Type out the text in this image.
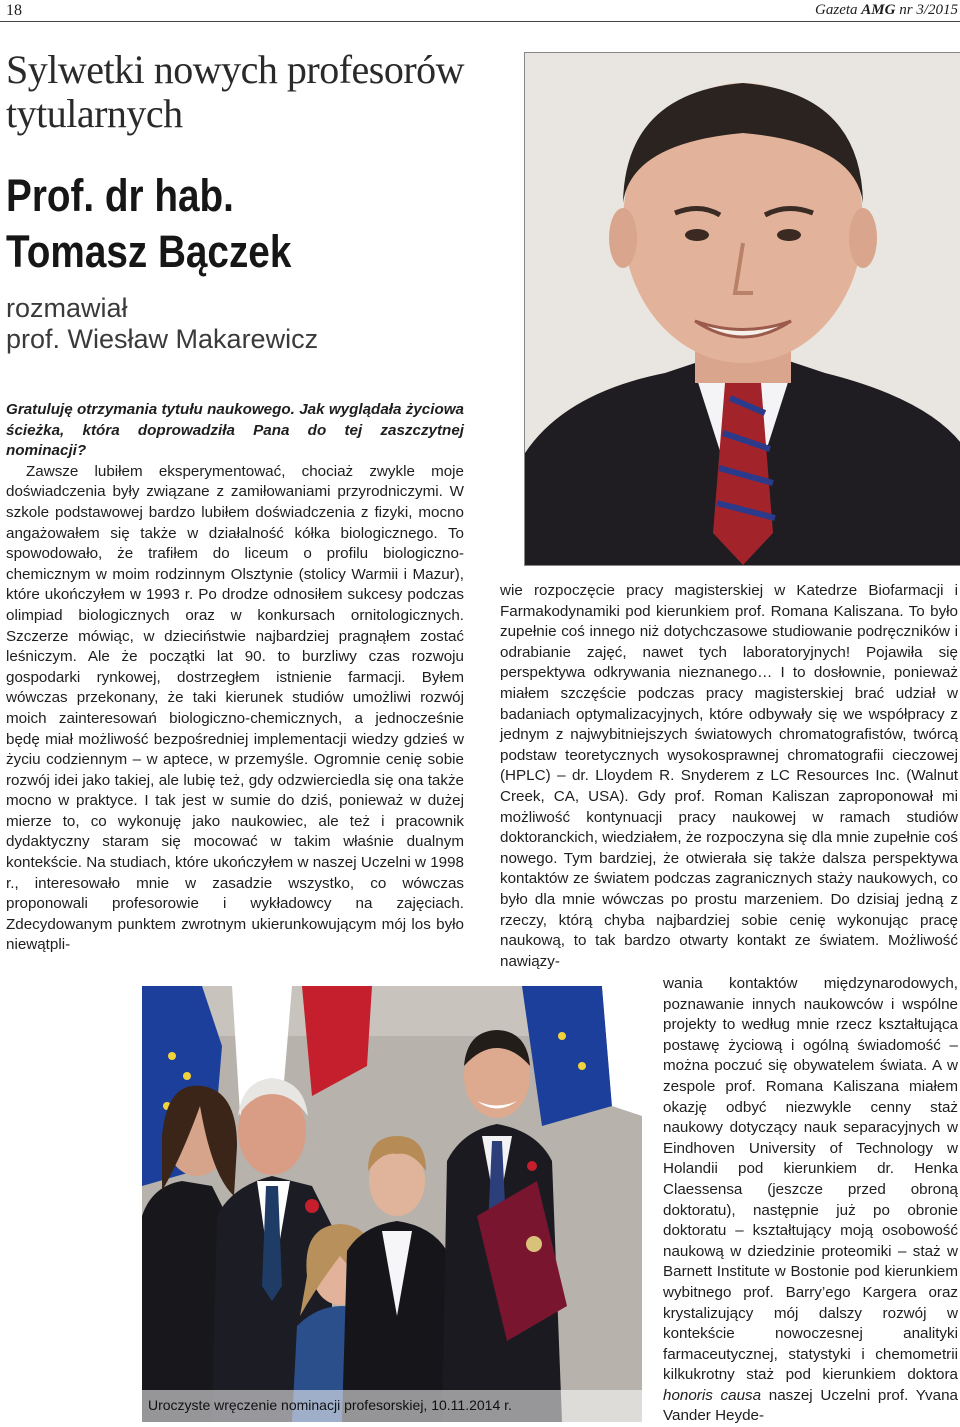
18	Gazeta AMG nr 3/2015
Sylwetki nowych profesorów tytularnych
Prof. dr hab.
Tomasz Bączek
rozmawiał
prof. Wiesław Makarewicz

Gratuluję otrzymania tytułu naukowego. Jak wyglądała życiowa ścieżka, która doprowadziła Pana do tej zaszczytnej nominacji?

Zawsze lubiłem eksperymentować, chociaż zwykle moje doświadczenia były związane z zamiłowaniami przyrodniczymi. W szkole podstawowej bardzo lubiłem doświadczenia z fizyki, mocno angażowałem się także w działalność kółka biologicznego. To spowodowało, że trafiłem do liceum o profilu biologiczno-chemicznym w moim rodzinnym Olsztynie (stolicy Warmii i Mazur), które ukończyłem w 1993 r. Po drodze odnosiłem sukcesy podczas olimpiad biologicznych oraz w konkursach ornitologicznych. Szczerze mówiąc, w dzieciństwie najbardziej pragnąłem zostać leśniczym. Ale że początki lat 90. to burzliwy czas rozwoju gospodarki rynkowej, dostrzegłem istnienie farmacji. Byłem wówczas przekonany, że taki kierunek studiów umożliwi rozwój moich zainteresowań biologiczno-chemicznych, a jednocześnie będę miał możliwość bezpośredniej implementacji wiedzy gdzieś w życiu codziennym – w aptece, w przemyśle. Ogromnie cenię sobie rozwój idei jako takiej, ale lubię też, gdy odzwierciedla się ona także mocno w praktyce. I tak jest w sumie do dziś, ponieważ w dużej mierze to, co wykonuję jako naukowiec, ale też i pracownik dydaktyczny staram się mocować w takim właśnie dualnym kontekście. Na studiach, które ukończyłem w naszej Uczelni w 1998 r., interesowało mnie w zasadzie wszystko, co wówczas proponowali profesorowie i wykładowcy na zajęciach. Zdecydowanym punktem zwrotnym ukierunkowującym mój los było niewątpli-

wie rozpoczęcie pracy magisterskiej w Katedrze Biofarmacji i Farmakodynamiki pod kierunkiem prof. Romana Kaliszana. To było zupełnie coś innego niż dotychczasowe studiowanie podręczników i odrabianie zajęć, nawet tych laboratoryjnych! Pojawiła się perspektywa odkrywania nieznanego… I to dosłownie, ponieważ miałem szczęście podczas pracy magisterskiej brać udział w badaniach optymalizacyjnych, które odbywały się we współpracy z jednym z najwybitniejszych światowych chromatografistów, twórcą podstaw teoretycznych wysokosprawnej chromatografii cieczowej (HPLC) – dr. Lloydem R. Snyderem z LC Resources Inc. (Walnut Creek, CA, USA). Gdy prof. Roman Kaliszan zaproponował mi możliwość kontynuacji pracy naukowej w ramach studiów doktoranckich, wiedziałem, że rozpoczyna się dla mnie zupełnie coś nowego. Tym bardziej, że otwierała się także dalsza perspektywa kontaktów ze światem podczas zagranicznych staży naukowych, co było dla mnie wówczas po prostu marzeniem. Do dzisiaj jedną z rzeczy, którą chyba najbardziej sobie cenię wykonując pracę naukową, to tak bardzo otwarty kontakt ze światem. Możliwość nawiązy-

wania kontaktów międzynarodowych, poznawanie innych naukowców i wspólne projekty to według mnie rzecz kształtująca postawę życiową i ogólną świadomość – można poczuć się obywatelem świata. A w zespole prof. Romana Kaliszana miałem okazję odbyć niezwykle cenny staż naukowy dotyczący nauk separacyjnych w Eindhoven University of Technology w Holandii pod kierunkiem dr. Henka Claessensa (jeszcze przed obroną doktoratu), następnie już po obronie doktoratu – kształtujący moją osobowość naukową w dziedzinie proteomiki – staż w Barnett Institute w Bostonie pod kierunkiem wybitnego prof. Barry’ego Kargera oraz krystalizujący mój dalszy rozwój w kontekście nowoczesnej analityki farmaceutycznej, statystyki i chemometrii kilkukrotny staż pod kierunkiem doktora honoris causa naszej Uczelni prof. Yvana Vander Heyde-

Uroczyste wręczenie nominacji profesorskiej, 10.11.2014 r.
